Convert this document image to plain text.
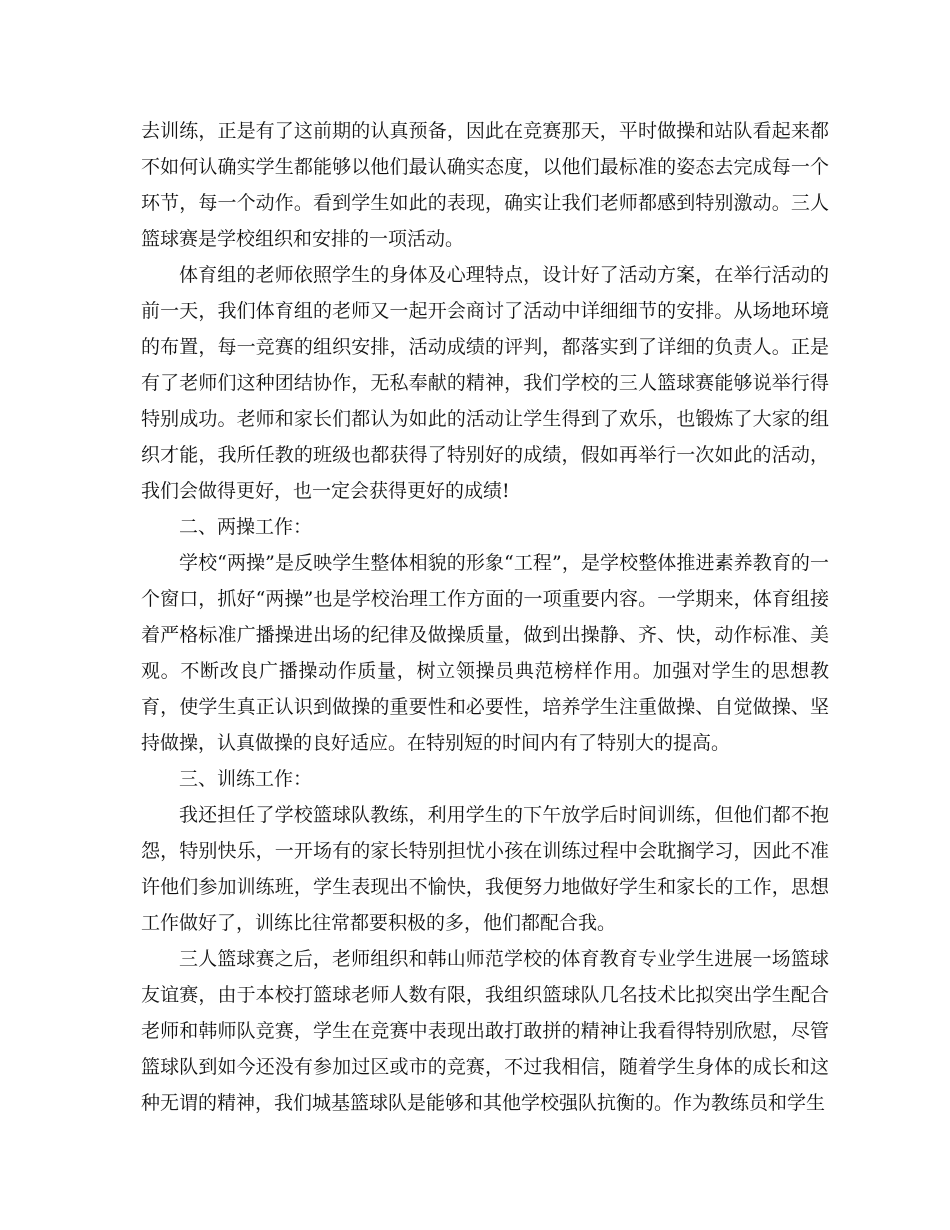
去训练，正是有了这前期的认真预备，因此在竞赛那天，平时做操和站队看起来都不如何认确实学生都能够以他们最认确实态度，以他们最标准的姿态去完成每一个环节，每一个动作。看到学生如此的表现，确实让我们老师都感到特别激动。三人篮球赛是学校组织和安排的一项活动。

体育组的老师依照学生的身体及心理特点，设计好了活动方案，在举行活动的前一天，我们体育组的老师又一起开会商讨了活动中详细细节的安排。从场地环境的布置，每一竞赛的组织安排，活动成绩的评判，都落实到了详细的负责人。正是有了老师们这种团结协作，无私奉献的精神，我们学校的三人篮球赛能够说举行得特别成功。老师和家长们都认为如此的活动让学生得到了欢乐，也锻炼了大家的组织才能，我所任教的班级也都获得了特别好的成绩，假如再举行一次如此的活动，我们会做得更好，也一定会获得更好的成绩!

二、两操工作：

学校“两操”是反映学生整体相貌的形象“工程”，是学校整体推进素养教育的一个窗口，抓好“两操”也是学校治理工作方面的一项重要内容。一学期来，体育组接着严格标准广播操进出场的纪律及做操质量，做到出操静、齐、快，动作标准、美观。不断改良广播操动作质量，树立领操员典范榜样作用。加强对学生的思想教育，使学生真正认识到做操的重要性和必要性，培养学生注重做操、自觉做操、坚持做操，认真做操的良好适应。在特别短的时间内有了特别大的提高。

三、训练工作：

我还担任了学校篮球队教练，利用学生的下午放学后时间训练，但他们都不抱怨，特别快乐，一开场有的家长特别担忧小孩在训练过程中会耽搁学习，因此不准许他们参加训练班，学生表现出不愉快，我便努力地做好学生和家长的工作，思想工作做好了，训练比往常都要积极的多，他们都配合我。

三人篮球赛之后，老师组织和韩山师范学校的体育教育专业学生进展一场篮球友谊赛，由于本校打篮球老师人数有限，我组织篮球队几名技术比拟突出学生配合老师和韩师队竞赛，学生在竞赛中表现出敢打敢拼的精神让我看得特别欣慰，尽管篮球队到如今还没有参加过区或市的竞赛，不过我相信，随着学生身体的成长和这种无谓的精神，我们城基篮球队是能够和其他学校强队抗衡的。作为教练员和学生
